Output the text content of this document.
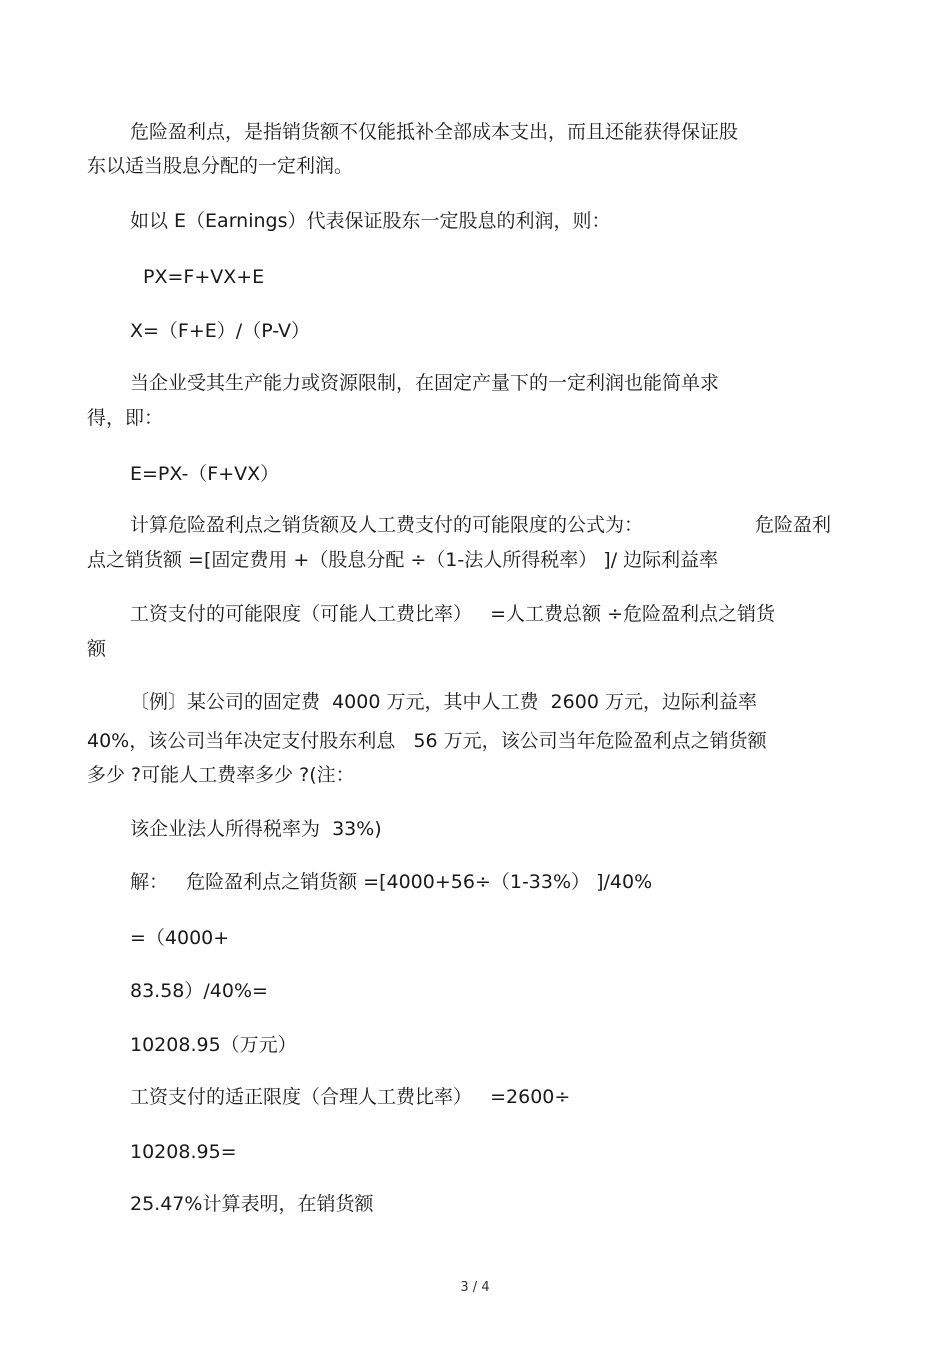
危险盈利点，是指销货额不仅能抵补全部成本支出，而且还能获得保证股

东以适当股息分配的一定利润。

如以 E（Earnings）代表保证股东一定股息的利润，则：

PX=F+VX+E

X=（F+E）/（P-V）

当企业受其生产能力或资源限制，在固定产量下的一定利润也能简单求

得，即：

E=PX-（F+VX）

计算危险盈利点之销货额及人工费支付的可能限度的公式为：	危险盈利

点之销货额 =[固定费用 +（股息分配 ÷（1-法人所得税率） ]/ 边际利益率

工资支付的可能限度（可能人工费比率）   =人工费总额 ÷危险盈利点之销货

额

〔例〕某公司的固定费  4000 万元，其中人工费  2600 万元，边际利益率

40%，该公司当年决定支付股东利息   56 万元，该公司当年危险盈利点之销货额

多少 ?可能人工费率多少 ?(注：

该企业法人所得税率为  33%)

解：   危险盈利点之销货额 =[4000+56÷（1-33%） ]/40%

=（4000+

83.58）/40%=

10208.95（万元）

工资支付的适正限度（合理人工费比率）   =2600÷

10208.95=

25.47%计算表明，在销货额

3 / 4
